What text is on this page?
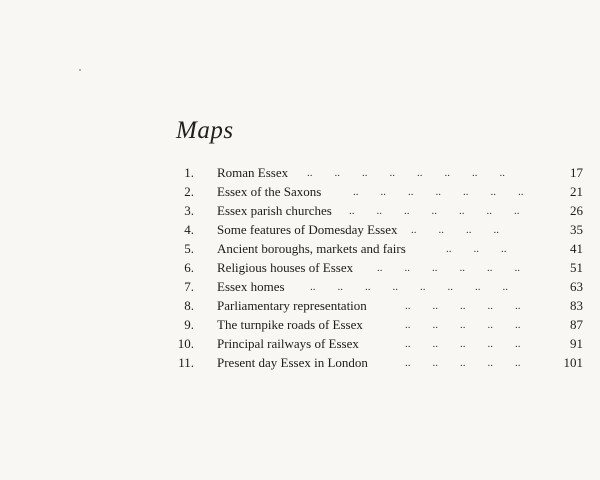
Maps
1. Roman Essex ..  ..  ..  ..  ..  ..  ..  ..	17
2. Essex of the Saxons	..  ..  ..  ..  ..  ..  ..	21
3. Essex parish churches ..  ..  ..  ..  ..  ..  ..	26
4. Some features of Domesday Essex ..  ..  ..  ..	35
5. Ancient boroughs, markets and fairs	..  ..  ..	41
6. Religious houses of Essex ..  ..  ..  ..  ..  ..	51
7. Essex homes ..  ..  ..  ..  ..  ..  ..  ..	63
8. Parliamentary representation	..  ..  ..  ..  ..	83
9. The turnpike roads of Essex	..  ..  ..  ..  ..	87
10. Principal railways of Essex	..  ..  ..  ..  ..	91
11. Present day Essex in London	..  ..  ..  ..  ..	101
